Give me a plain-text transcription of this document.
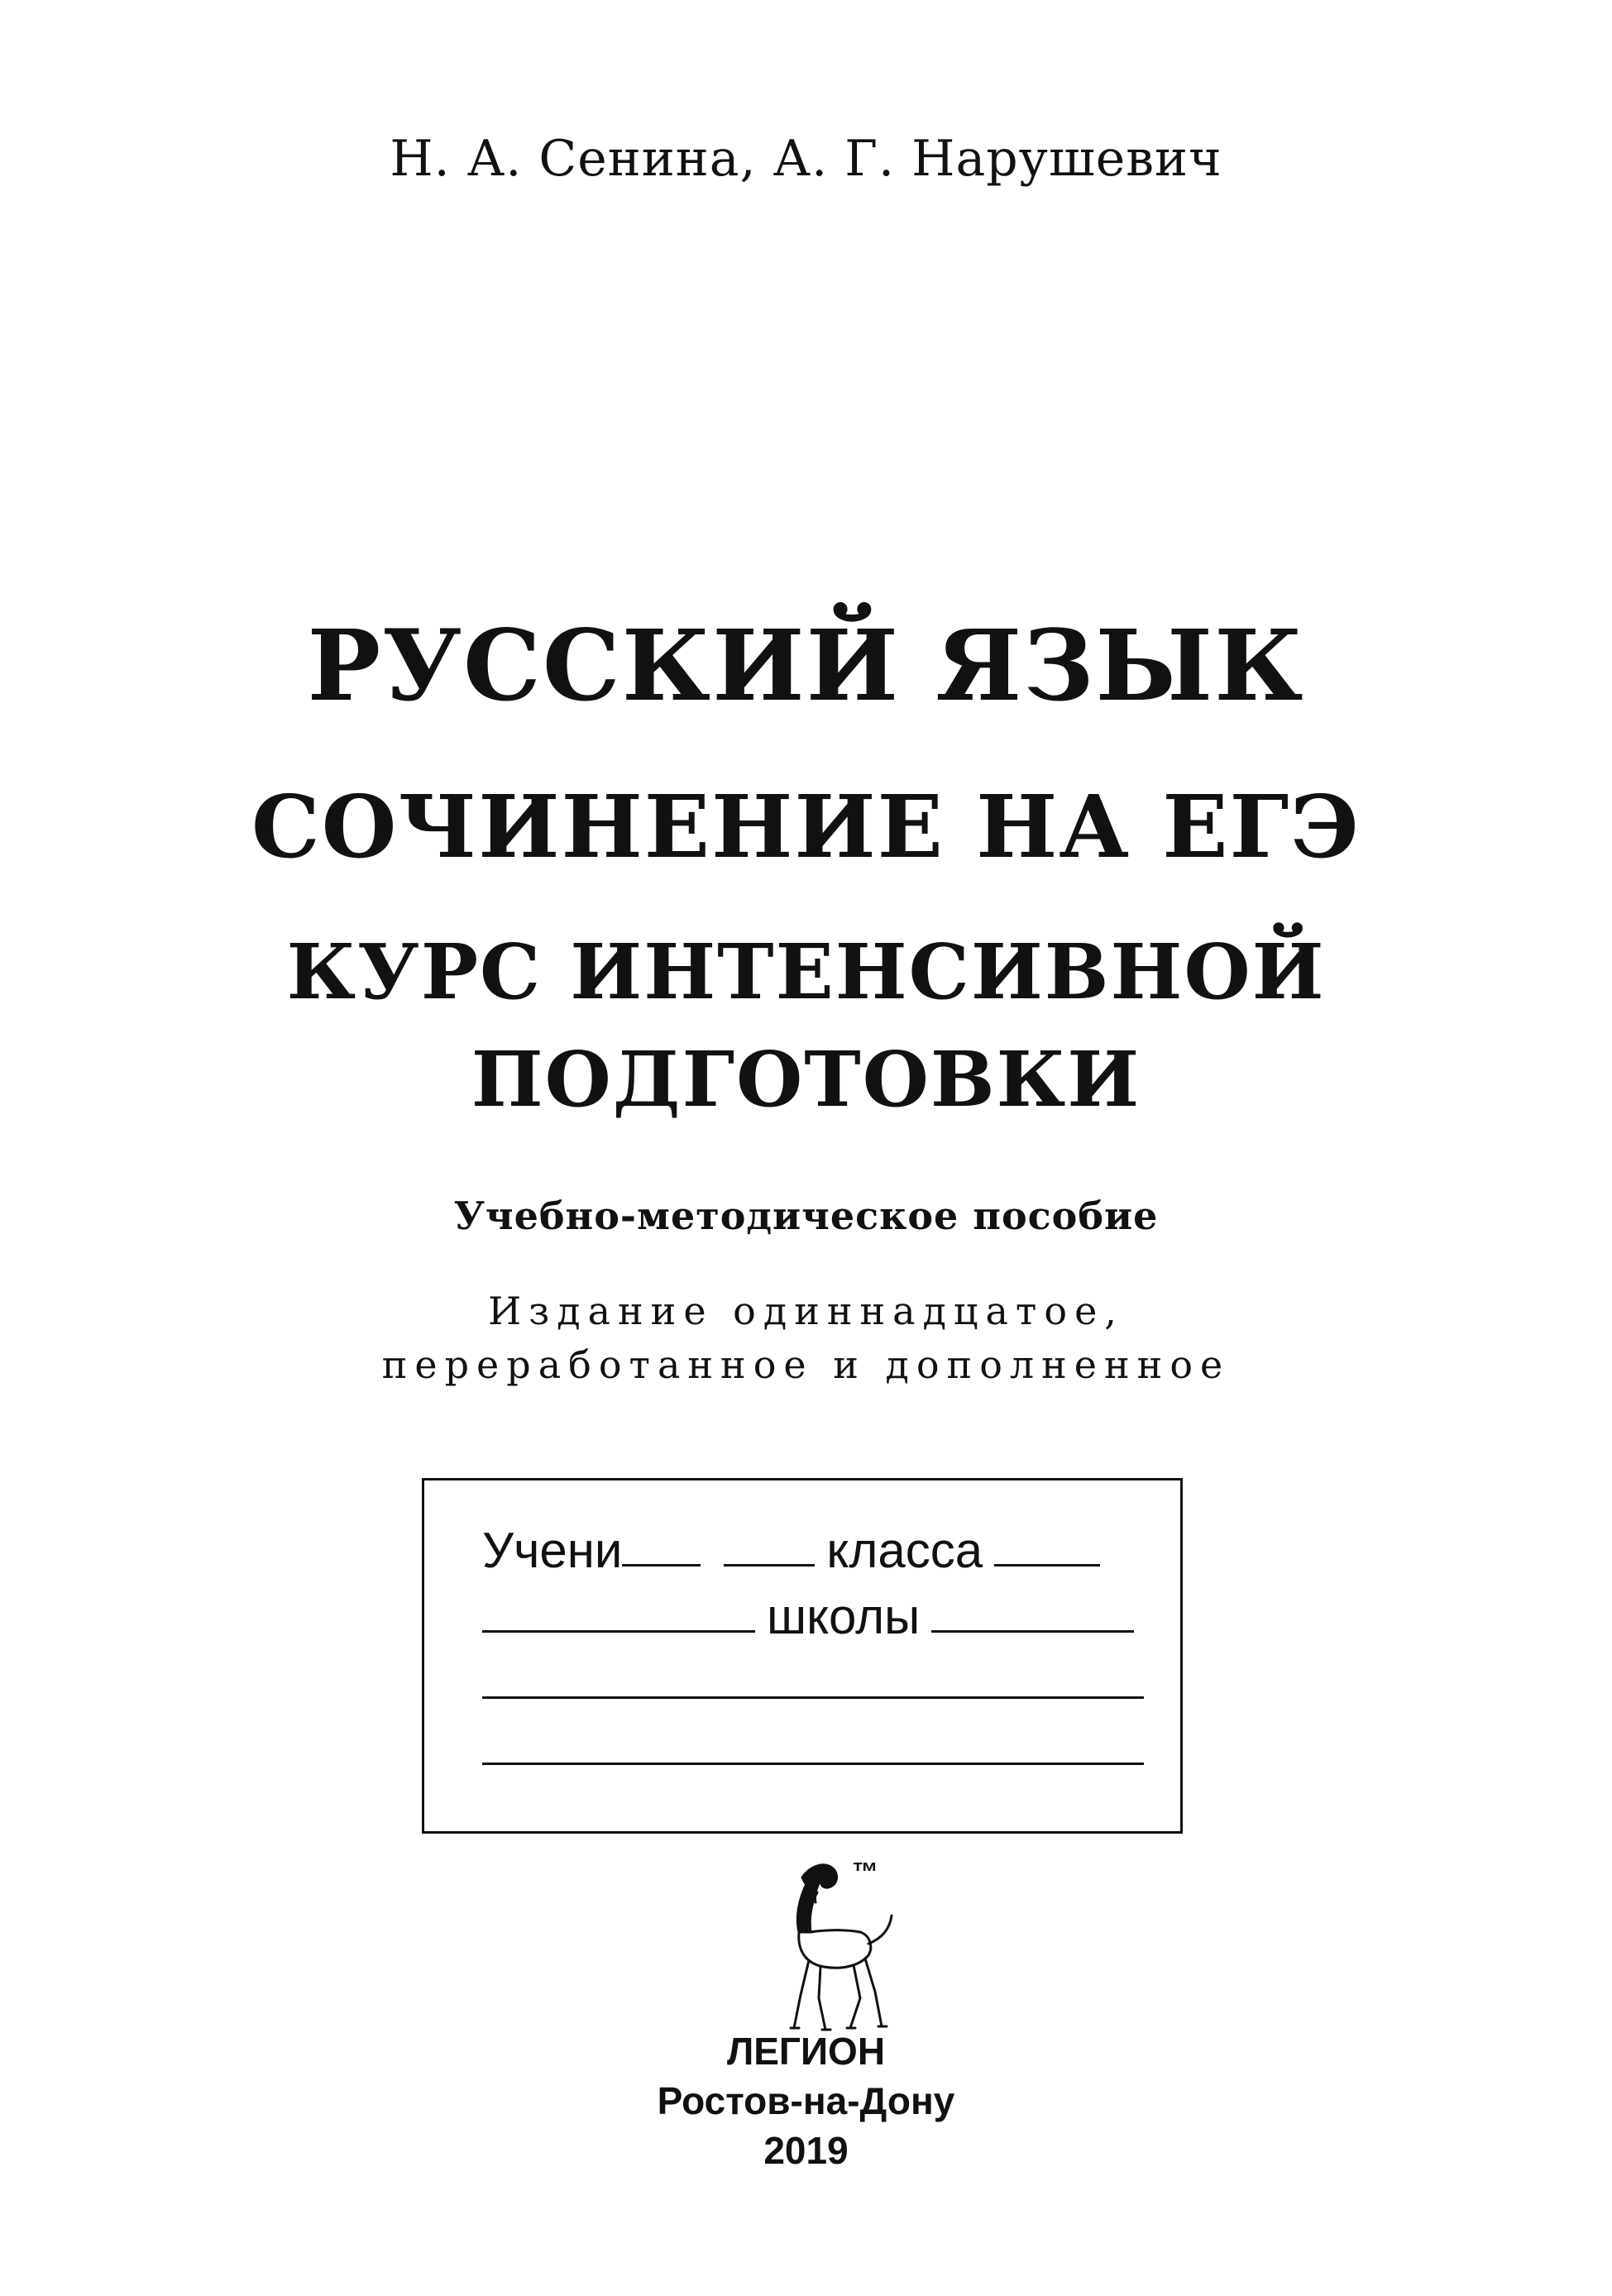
Н. А. Сенина, А. Г. Нарушевич
РУССКИЙ ЯЗЫК
СОЧИНЕНИЕ НА ЕГЭ
КУРС ИНТЕНСИВНОЙ
ПОДГОТОВКИ
Учебно-методическое пособие
Издание одиннадцатое,
переработанное и дополненное
Учени	класса
школы
™
ЛЕГИОН
Ростов-на-Дону
2019
